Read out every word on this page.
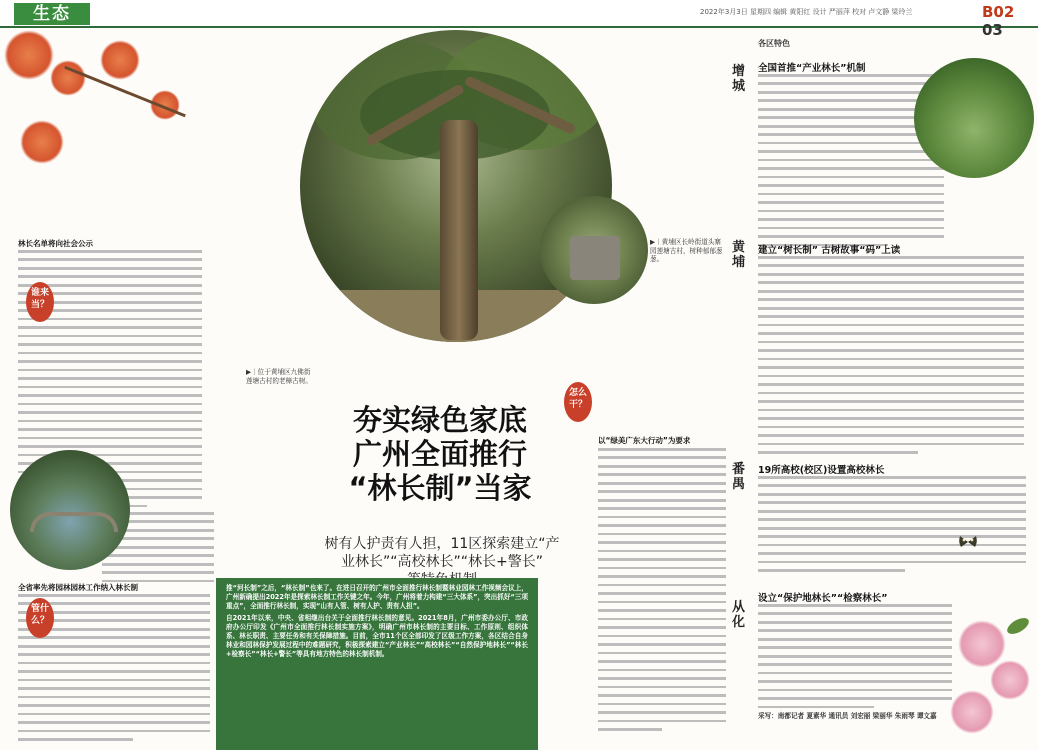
生态	2022年3月3日 星期四 编辑 黄阳红 设计 严丽萍 校对 卢文静 梁玲兰	B02 03
林长名单将向社会公示
谁来当？
全省率先将园林园林工作纳入林长制
管什么？
▶｜位于黄埔区九佛街莲塘古村的老樟古树。
▶｜黄埔区长岭街道头寨园莲塘古村，树种郁郁葱葱。
夯实绿色家底
广州全面推行
“林长制”当家
树有人护责有人担，11区探索建立“产
业林长”“高校林长”“林长+警长”

推“河长制”之后，“林长制”也来了。在进日召开的广州市全面推行林长制暨林业园林工作视频会议上，广州新确提出2022年是探索林长制工作关键之年。今年，广州将着力构建“三大体系”，突出抓好“三项重点”，全面推行林长制，实现“山有人管、树有人护、责有人担”。

自2021年以来，中央、省相继出台关于全面推行林长制的意见。2021年8月，广州市委办公厅、市政府办公厅印发《广州市全面推行林长制实施方案》，明确广州市林长制的主要目标、工作原则、组织体系、林长职责、主要任务和有关保障措施。目前，全市11个区全部印发了区级工作方案，各区结合自身林业和园林保护发展过程中的难题研究，积极探索建立“产业林长”“高校林长”“自然保护地林长”“林长+检察长”“林长+警长”等具有地方特色的林长制机制。

怎么干？
以“绿美广东大行动”为要求
各区特色
增城
全国首推“产业林长”机制
黄埔
建立“树长制” 古树故事“码”上读
番禺
19所高校(校区)设置高校林长
从化
设立“保护地林长”“检察林长”
采写：南都记者 夏素华 通讯员 刘宏丽 梁丽华 朱雨琴 谭文嘉
